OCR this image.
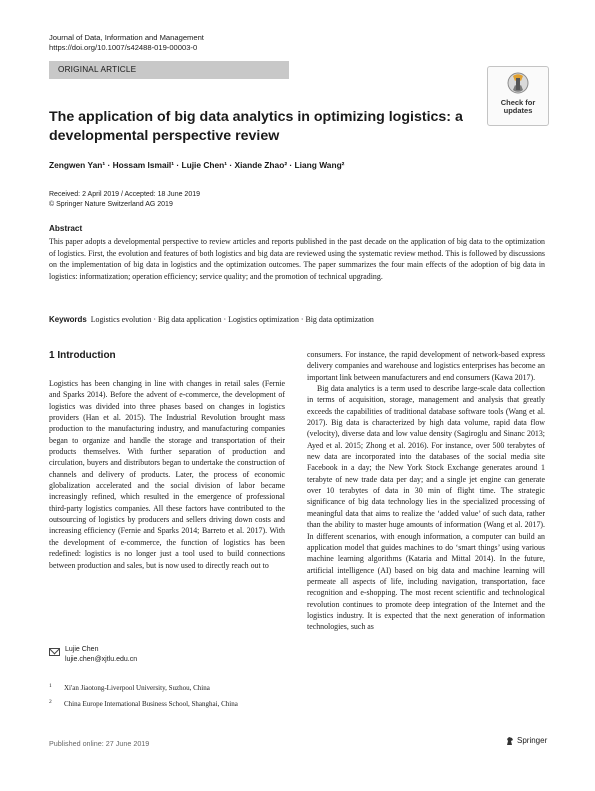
Journal of Data, Information and Management
https://doi.org/10.1007/s42488-019-00003-0
ORIGINAL ARTICLE
Check for
updates
The application of big data analytics in optimizing logistics: a developmental perspective review
Zengwen Yan¹ · Hossam Ismail¹ · Lujie Chen¹ · Xiande Zhao² · Liang Wang²
Received: 2 April 2019 / Accepted: 18 June 2019
© Springer Nature Switzerland AG 2019
Abstract
This paper adopts a developmental perspective to review articles and reports published in the past decade on the application of big data to the optimization of logistics. First, the evolution and features of both logistics and big data are reviewed using the systematic review method. This is followed by discussions on the implementation of big data in logistics and the optimization outcomes. The paper summarizes the four main effects of the adoption of big data in logistics: informatization; operation efficiency; service quality; and the promotion of technical upgrading.
Keywords Logistics evolution · Big data application · Logistics optimization · Big data optimization
1 Introduction

Logistics has been changing in line with changes in retail sales (Fernie and Sparks 2014). Before the advent of e-commerce, the development of logistics was divided into three phases based on changes in logistics providers (Han et al. 2015). The Industrial Revolution brought mass production to the manufacturing industry, and manufacturing companies began to organize and handle the storage and transportation of their products themselves. With further separation of production and circulation, buyers and distributors began to undertake the construction of channels and delivery of products. Later, the process of economic globalization accelerated and the social division of labor became increasingly refined, which resulted in the emergence of professional third-party logistics companies. All these factors have contributed to the outsourcing of logistics by producers and sellers driving down costs and increasing efficiency (Fernie and Sparks 2014; Barreto et al. 2017). With the development of e-commerce, the function of logistics has been redefined: logistics is no longer just a tool used to build connections between production and sales, but is now used to directly reach out to

consumers. For instance, the rapid development of network-based express delivery companies and warehouse and logistics enterprises has become an important link between manufacturers and end consumers (Kawa 2017).

Big data analytics is a term used to describe large-scale data collection in terms of acquisition, storage, management and analysis that greatly exceeds the capabilities of traditional database software tools (Wang et al. 2017). Big data is characterized by high data volume, rapid data flow (velocity), diverse data and low value density (Sagiroglu and Sinanc 2013; Ayed et al. 2015; Zhong et al. 2016). For instance, over 500 terabytes of new data are incorporated into the databases of the social media site Facebook in a day; the New York Stock Exchange generates around 1 terabyte of new trade data per day; and a single jet engine can generate over 10 terabytes of data in 30 min of flight time. The strategic significance of big data technology lies in the specialized processing of meaningful data that aims to realize the ‘added value’ of such data, rather than the ability to master huge amounts of information (Wang et al. 2017). In different scenarios, with enough information, a computer can build an application model that guides machines to do ‘smart things’ using various machine learning algorithms (Kataria and Mittal 2014). In the future, artificial intelligence (AI) based on big data and machine learning will permeate all aspects of life, including navigation, transportation, face recognition and e-shopping. The most recent scientific and technological revolution continues to promote deep integration of the Internet and the logistics industry. It is expected that the next generation of information technologies, such as

Lujie Chen
lujie.chen@xjtlu.edu.cn
1 Xi'an Jiaotong-Liverpool University, Suzhou, China
2 China Europe International Business School, Shanghai, China
Published online: 27 June 2019	Springer
